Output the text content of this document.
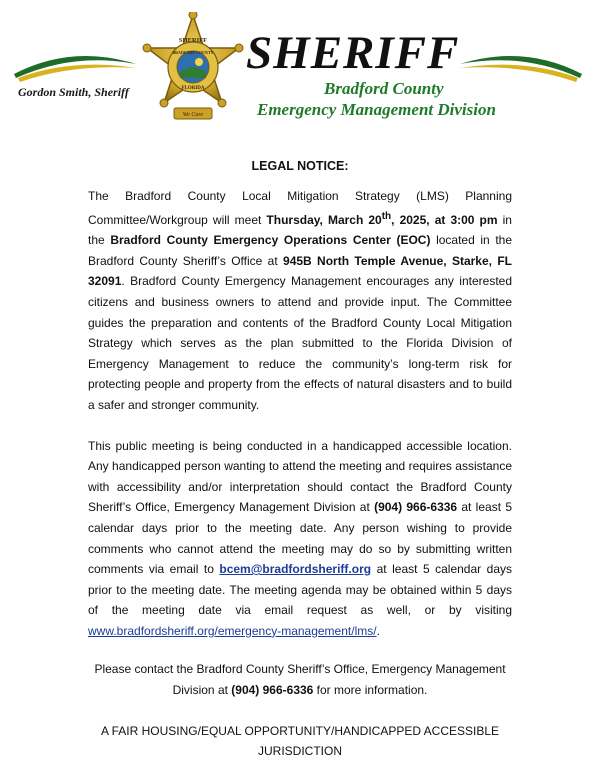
Gordon Smith, Sheriff
SHERIFF
BRADFORD COUNTY
FLORIDA
We Care
SHERIFF
Bradford County
Emergency Management Division

LEGAL NOTICE:

The Bradford County Local Mitigation Strategy (LMS) Planning Committee/Workgroup will meet Thursday, March 20th, 2025, at 3:00 pm in the Bradford County Emergency Operations Center (EOC) located in the Bradford County Sheriff’s Office at 945B North Temple Avenue, Starke, FL 32091. Bradford County Emergency Management encourages any interested citizens and business owners to attend and provide input. The Committee guides the preparation and contents of the Bradford County Local Mitigation Strategy which serves as the plan submitted to the Florida Division of Emergency Management to reduce the community’s long-term risk for protecting people and property from the effects of natural disasters and to build a safer and stronger community.

This public meeting is being conducted in a handicapped accessible location. Any handicapped person wanting to attend the meeting and requires assistance with accessibility and/or interpretation should contact the Bradford County Sheriff’s Office, Emergency Management Division at (904) 966-6336 at least 5 calendar days prior to the meeting date. Any person wishing to provide comments who cannot attend the meeting may do so by submitting written comments via email to bcem@bradfordsheriff.org at least 5 calendar days prior to the meeting date. The meeting agenda may be obtained within 5 days of the meeting date via email request as well, or by visiting www.bradfordsheriff.org/emergency-management/lms/.

Please contact the Bradford County Sheriff’s Office, Emergency Management Division at (904) 966-6336 for more information.

A FAIR HOUSING/EQUAL OPPORTUNITY/HANDICAPPED ACCESSIBLE JURISDICTION
